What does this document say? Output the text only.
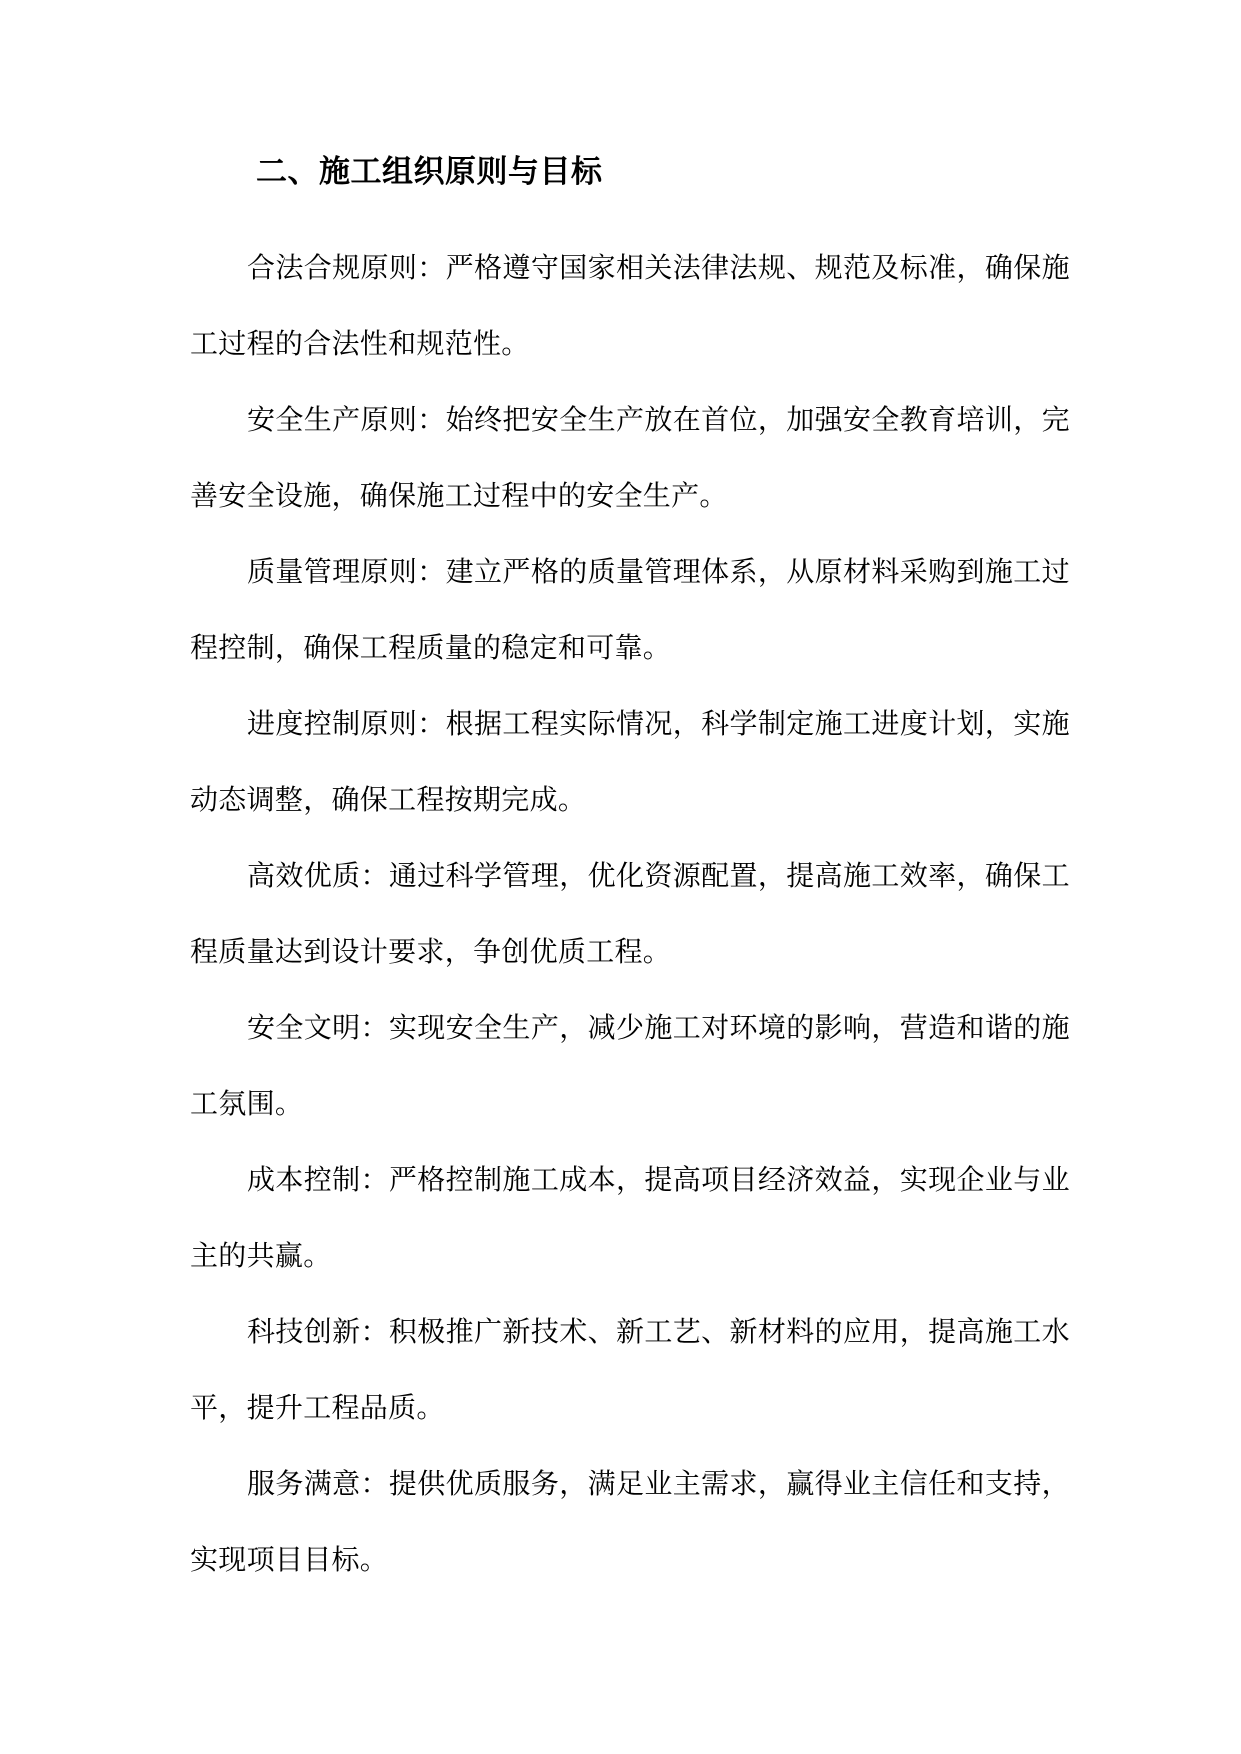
二、施工组织原则与目标

合法合规原则：严格遵守国家相关法律法规、规范及标准，确保施工过程的合法性和规范性。

安全生产原则：始终把安全生产放在首位，加强安全教育培训，完善安全设施，确保施工过程中的安全生产。

质量管理原则：建立严格的质量管理体系，从原材料采购到施工过程控制，确保工程质量的稳定和可靠。

进度控制原则：根据工程实际情况，科学制定施工进度计划，实施动态调整，确保工程按期完成。

高效优质：通过科学管理，优化资源配置，提高施工效率，确保工程质量达到设计要求，争创优质工程。

安全文明：实现安全生产，减少施工对环境的影响，营造和谐的施工氛围。

成本控制：严格控制施工成本，提高项目经济效益，实现企业与业主的共赢。

科技创新：积极推广新技术、新工艺、新材料的应用，提高施工水平，提升工程品质。

服务满意：提供优质服务，满足业主需求，赢得业主信任和支持，实现项目目标。
